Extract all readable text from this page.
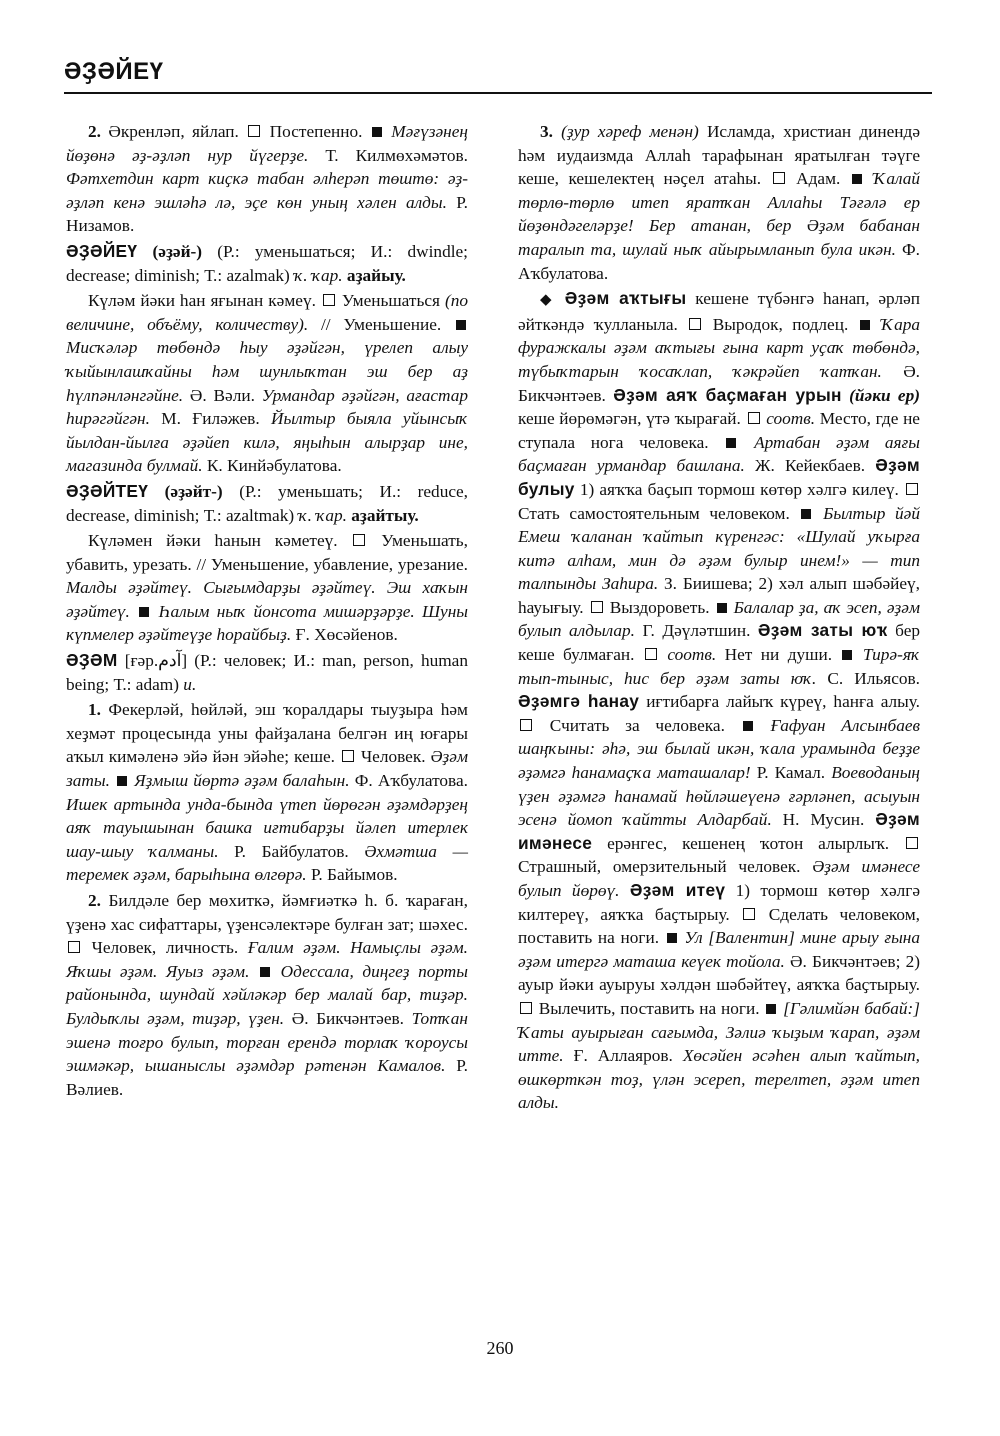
ӘҘӘЙЕҮ

2. Әкренләп, яйлап. Постепенно. Мәғүзәнең йөҙөнә әҙ-әҙләп нур йүгерҙе. Т. Килмөхәмәтов. Фәтхетдин карт киҫкә табан әлһерәп төштө: әҙ-әҙләп кенә эшләһә лә, эҫе көн уның хәлен алды. Р. Низамов.

ӘҘӘЙЕҮ (әҙәй-) (Р.: уменьшаться; И.: dwindle; decrease; diminish; Т.: azalmak) ҡ. ҡар. аҙайыу.

Күләм йәки һан яғынан кәмеү. Уменьшаться (по величине, объёму, количеству). // Уменьшение.  Мисҡәләр төбөндә һыу әҙәйгән, үрелеп алыу ҡыйынлашҡайны һәм шунлыҡтан эш бер аҙ һүлпәнләнгәйне. Ә. Вәли. Урмандар әҙәйгән, ағастар һирәгәйгән. М. Ғиләжев. Йылтыр быяла уйынсыҡ йылдан-йылға әҙәйеп килә, яңыһын алырҙар ине, магазинда булмай. К. Кинйәбулатова.

ӘҘӘЙТЕҮ (әҙәйт-) (Р.: уменьшать; И.: reduce, decrease, diminish; Т.: azaltmak) ҡ. ҡар. аҙайтыу.

Күләмен йәки һанын кәметеү.	Уменьшать, убавить, урезать. // Уменьшение, убавление, урезание. Малды әҙәйтеү. Сығымдарҙы әҙәйтеү. Эш хаҡын әҙәйтеү. Һалым ныҡ йонсота мишәрҙәрҙе. Шуны күпмелер әҙәйтеүҙе һорайбыҙ. Ғ. Хөсәйенов.

ӘҘӘМ [ғәр.آدم] (Р.: человек; И.: man, person, human being; Т.: adam) и.

1. Фекерләй, һөйләй, эш ҡоралдары тыуҙыра һәм хеҙмәт процесында уны файҙалана белгән иң юғары аҡыл кимәленә эйә йән эйәһе; кеше. Человек. Әҙәм заты. Яҙмыш йөртә әҙәм балаһын. Ф. Аҡбулатова. Ишек артында унда-бында үтеп йөрөгән әҙәмдәрҙең аяҡ тауышынан башка иғтибарҙы йәлеп итерлек шау-шыу ҡалманы. Р. Байбулатов. Әхмәтша — теремек әҙәм, барыһына өлгөрә. Р. Байымов.

2. Билдәле бер мөхиткә, йәмғиәткә һ. б. ҡараған, үҙенә хас сифаттары, үҙенсәлектәре булған зат; шәхес.  Человек, личность. Ғалим әҙәм. Намыҫлы әҙәм. Яҡшы әҙәм. Яуыз әҙәм. Одессала, диңгеҙ порты районында, шундай хәйләкәр бер малай бар, тиҙәр. Булдыҡлы әҙәм, тиҙәр, үҙен. Ә. Бикчәнтәев. Тотҡан эшенә тоғро булып, торған ерендә торлаҡ ҡороусы эшмәкәр, ышаныслы әҙәмдәр рәтенән Камалов. Р. Вәлиев.

3. (ҙур хәреф менән) Исламда, христиан динендә һәм иудаизмда Аллаһ тарафынан яратылған тәүге кеше, кешелектең нәҫел атаһы. Адам. Ҡалай төрлө-төрлө итеп яратҡан Аллаһы Тәғәлә ер йөҙөндәгеләрҙе! Бер атанан, бер Әҙәм бабанан таралып та, шулай ныҡ айырымланып була икән. Ф. Аҡбулатова.

◆ Әҙәм аҡтығы кешене түбәнгә һанап, әрләп әйткәндә ҡулланыла. Выродок, подлец. Ҡара фуражкалы әҙәм аҡтығы ғына карт уҫаҡ төбөндә, түбыҡтарын ҡосаҡлап, ҡәкрәйеп ҡатҡан. Ә. Бикчәнтәев. Әҙәм аяҡ баҫмаған урын (йәки ер) кеше йөрөмәгән, үтә ҡырағай. соотв. Место, где не ступала нога человека.	Артабан әҙәм аяғы баҫмаған урмандар башлана. Ж. Кейекбаев. Әҙәм булыу 1) аяҡҡа баҫып тормош көтөр хәлгә килеү.  Стать самостоятельным человеком. Былтыр йәй Емеш ҡаланан ҡайтып күренгәс: «Шулай уҡырға китә алһам, мин дә әҙәм булыр инем!» — тип талпынды Заһира. З. Биишева; 2) хәл алып шәбәйеү, һауығыу. Выздороветь. Балалар ҙа, аҡ эсеп, әҙәм булып алдылар. Г. Дәүләтшин. Әҙәм заты юҡ бер кеше булмаған. соотв. Нет ни души. Тирә-яҡ тып-тыныс, һис бер әҙәм заты юҡ. С. Ильясов. Әҙәмгә һанау иғтибарға лайыҡ күреү, һанға алыу.  Считать за человека.	Ғафуан Алсынбаев шаңҡыны: әһә, эш былай икән, ҡала урамында беҙҙе әҙәмгә һанамаҫҡа маташалар! Р. Камал. Воеводаның үҙен әҙәмгә һанамай һөйләшеүенә ғәрләнеп, асыуын эсенә йомоп ҡайтты Алдарбай. Н. Мусин. Әҙәм имәнесе ерәнгес, кешенең ҡотон алырлыҡ.  Страшный, омерзительный человек. Әҙәм имәнесе булып йөрөү. Әҙәм итеү 1) тормош көтөр хәлгә килтереү, аяҡҡа баҫтырыу. Сделать человеком, поставить на ноги. Ул [Валентин] мине арыу ғына әҙәм итергә маташа кеүек тойола. Ә. Бикчәнтәев; 2) ауыр йәки ауыруы хәлдән шәбәйтеү, аяҡҡа баҫтырыу.  Вылечить, поставить на ноги. [Гәлимйән бабай:] Ҡаты ауырыған сағымда, Зәлиә ҡыҙым ҡарап, әҙәм итте. Ғ. Аллаяров. Хөсәйен әсәһен алып ҡайтып, өшкөрткән тоҙ, үлән эсереп, терелтеп, әҙәм итеп алды.

260
